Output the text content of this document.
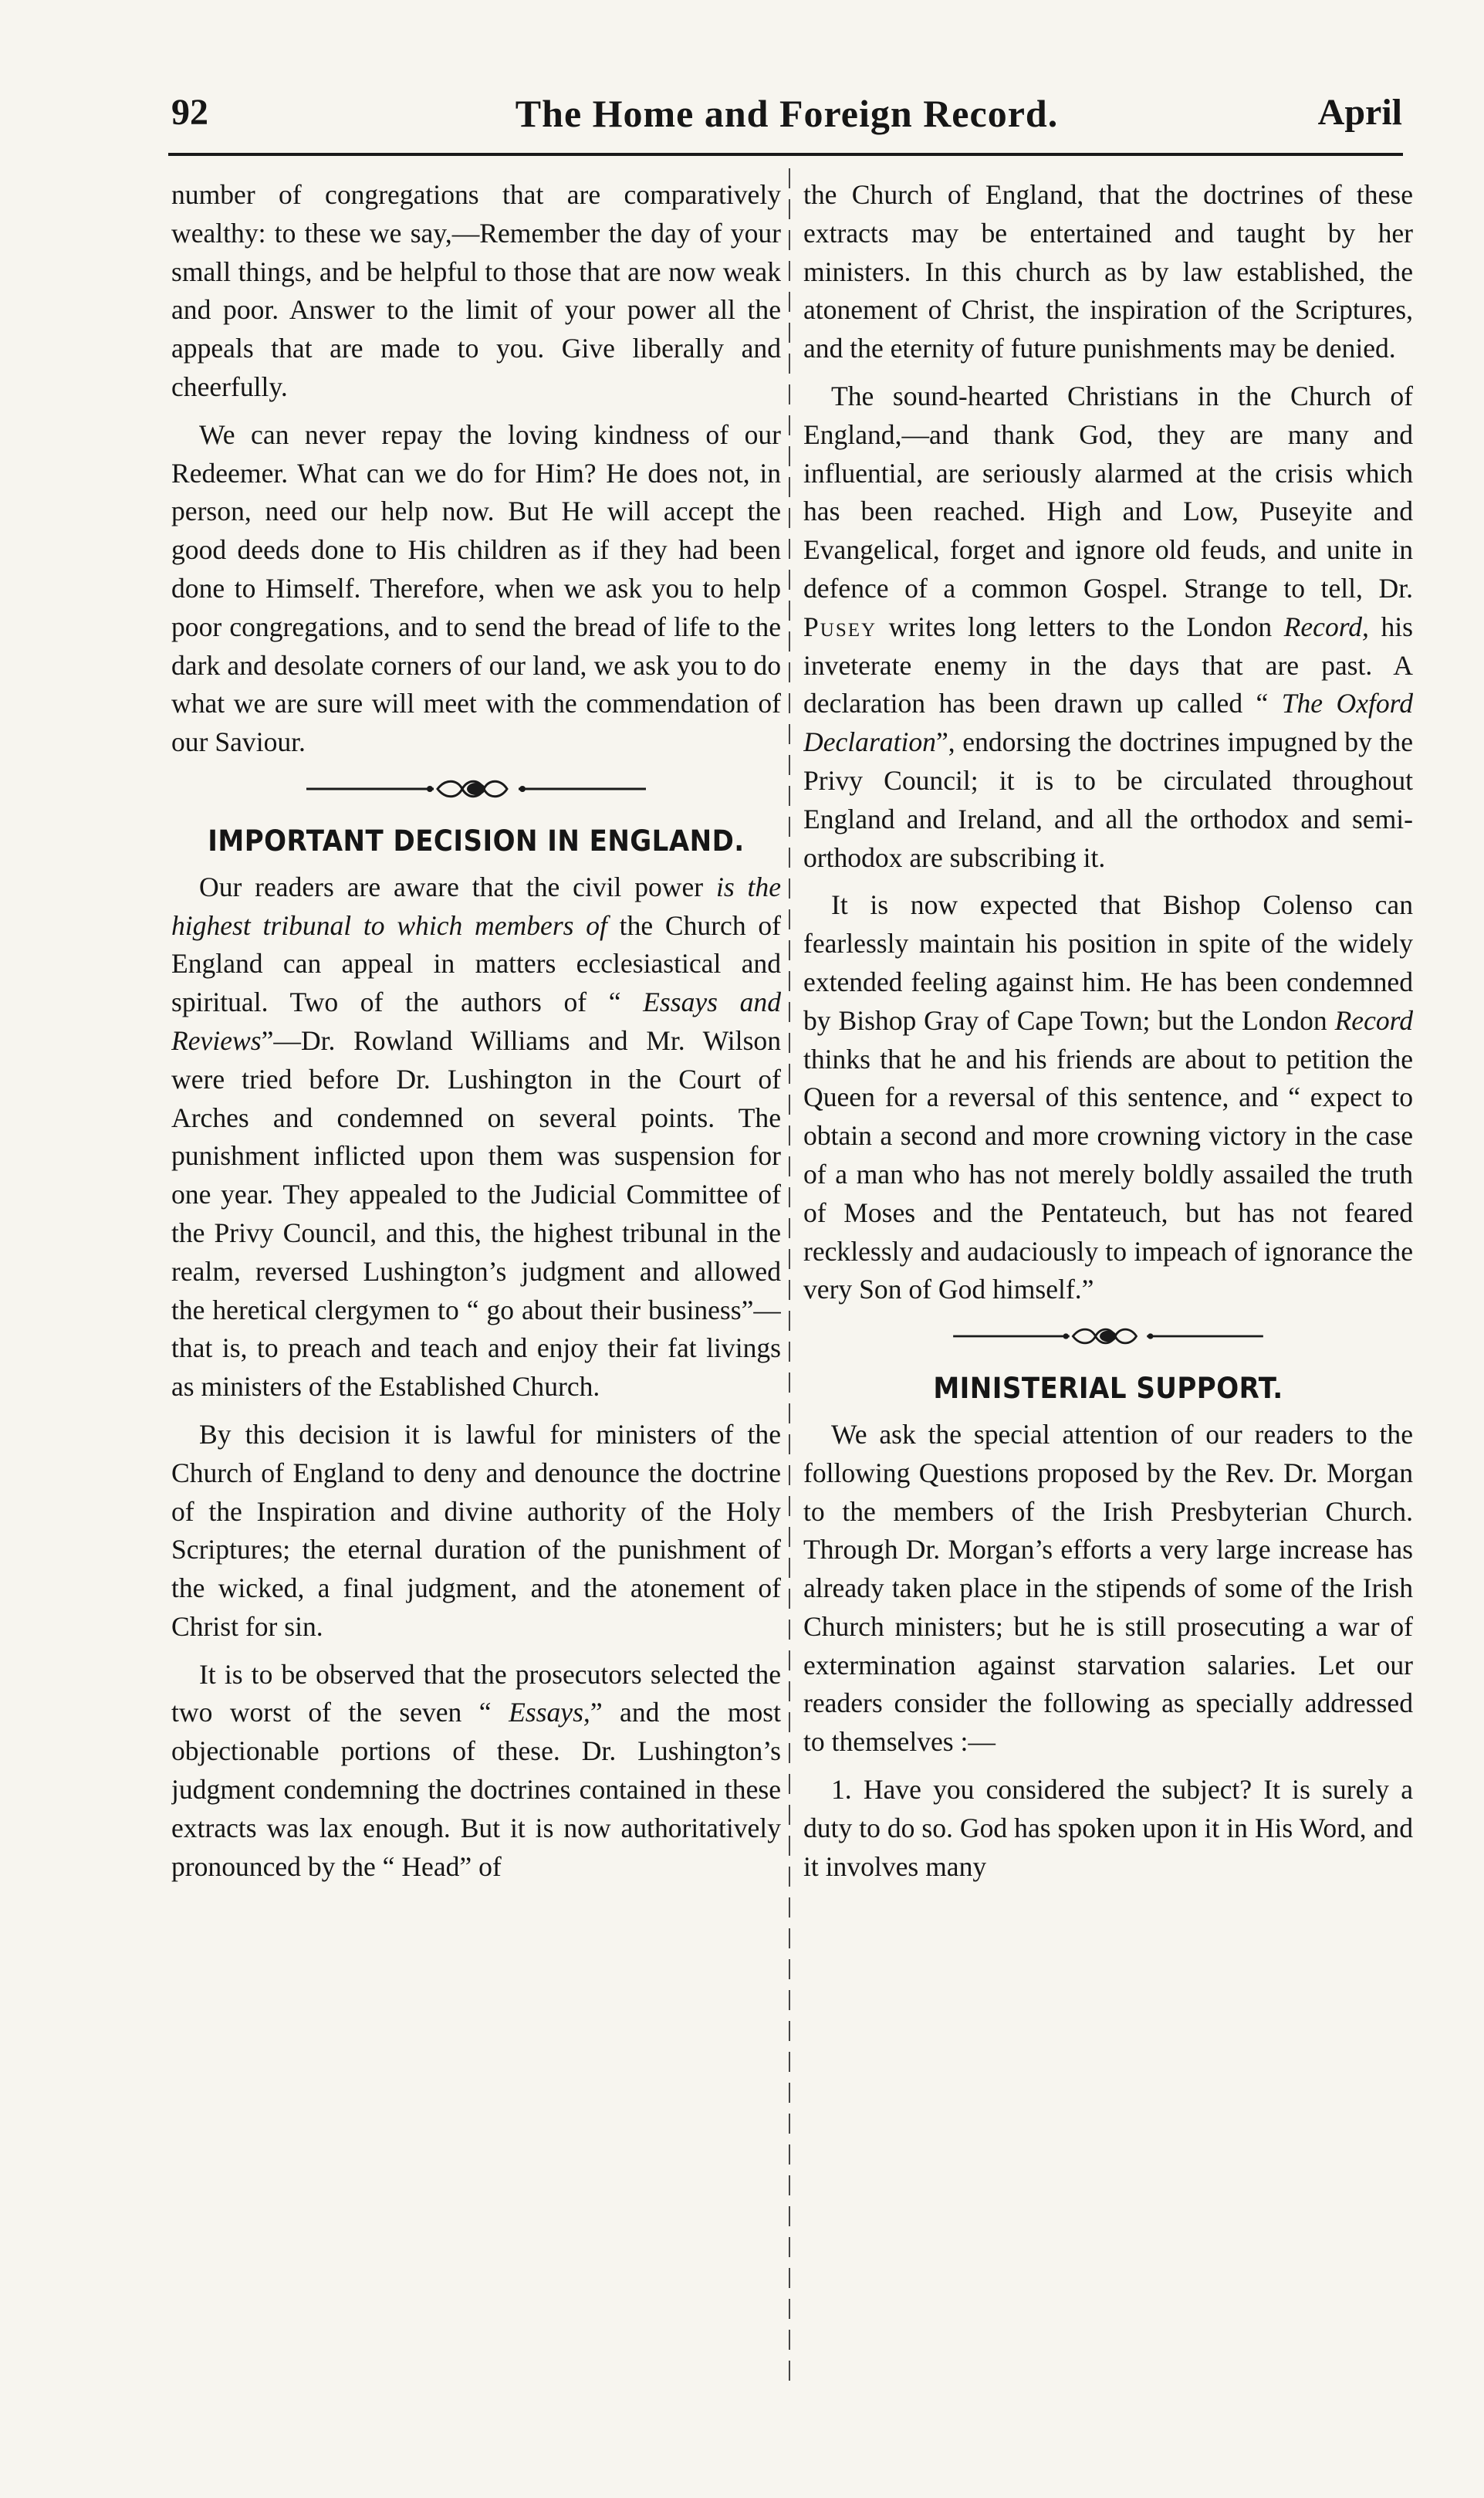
92	The Home and Foreign Record.	April

number of congregations that are comparatively wealthy: to these we say,—Remember the day of your small things, and be helpful to those that are now weak and poor. Answer to the limit of your power all the appeals that are made to you. Give liberally and cheerfully.

We can never repay the loving kindness of our Redeemer. What can we do for Him? He does not, in person, need our help now. But He will accept the good deeds done to His children as if they had been done to Himself. Therefore, when we ask you to help poor congregations, and to send the bread of life to the dark and desolate corners of our land, we ask you to do what we are sure will meet with the commendation of our Saviour.

IMPORTANT DECISION IN ENGLAND.

Our readers are aware that the civil power is the highest tribunal to which members of the Church of England can appeal in matters ecclesiastical and spiritual. Two of the authors of “ Essays and Reviews”—Dr. Rowland Williams and Mr. Wilson were tried before Dr. Lushington in the Court of Arches and condemned on several points. The punishment inflicted upon them was suspension for one year. They appealed to the Judicial Committee of the Privy Council, and this, the highest tribunal in the realm, reversed Lushington’s judgment and allowed the heretical clergymen to “ go about their business”—that is, to preach and teach and enjoy their fat livings as ministers of the Established Church.

By this decision it is lawful for ministers of the Church of England to deny and denounce the doctrine of the Inspiration and divine authority of the Holy Scriptures; the eternal duration of the punishment of the wicked, a final judgment, and the atonement of Christ for sin.

It is to be observed that the prosecutors selected the two worst of the seven “ Essays,” and the most objectionable portions of these. Dr. Lushington’s judgment condemning the doctrines contained in these extracts was lax enough. But it is now authoritatively pronounced by the “ Head” of

the Church of England, that the doctrines of these extracts may be entertained and taught by her ministers. In this church as by law established, the atonement of Christ, the inspiration of the Scriptures, and the eternity of future punishments may be denied.

The sound-hearted Christians in the Church of England,—and thank God, they are many and influential, are seriously alarmed at the crisis which has been reached. High and Low, Puseyite and Evangelical, forget and ignore old feuds, and unite in defence of a common Gospel. Strange to tell, Dr. Pusey writes long letters to the London Record, his inveterate enemy in the days that are past. A declaration has been drawn up called “ The Oxford Declaration”, endorsing the doctrines impugned by the Privy Council; it is to be circulated throughout England and Ireland, and all the orthodox and semi-orthodox are subscribing it.

It is now expected that Bishop Colenso can fearlessly maintain his position in spite of the widely extended feeling against him. He has been condemned by Bishop Gray of Cape Town; but the London Record thinks that he and his friends are about to petition the Queen for a reversal of this sentence, and “ expect to obtain a second and more crowning victory in the case of a man who has not merely boldly assailed the truth of Moses and the Pentateuch, but has not feared recklessly and audaciously to impeach of ignorance the very Son of God himself.”

MINISTERIAL SUPPORT.

We ask the special attention of our readers to the following Questions proposed by the Rev. Dr. Morgan to the members of the Irish Presbyterian Church. Through Dr. Morgan’s efforts a very large increase has already taken place in the stipends of some of the Irish Church ministers; but he is still prosecuting a war of extermination against starvation salaries. Let our readers consider the following as specially addressed to themselves :—

1. Have you considered the subject? It is surely a duty to do so. God has spoken upon it in His Word, and it involves many
